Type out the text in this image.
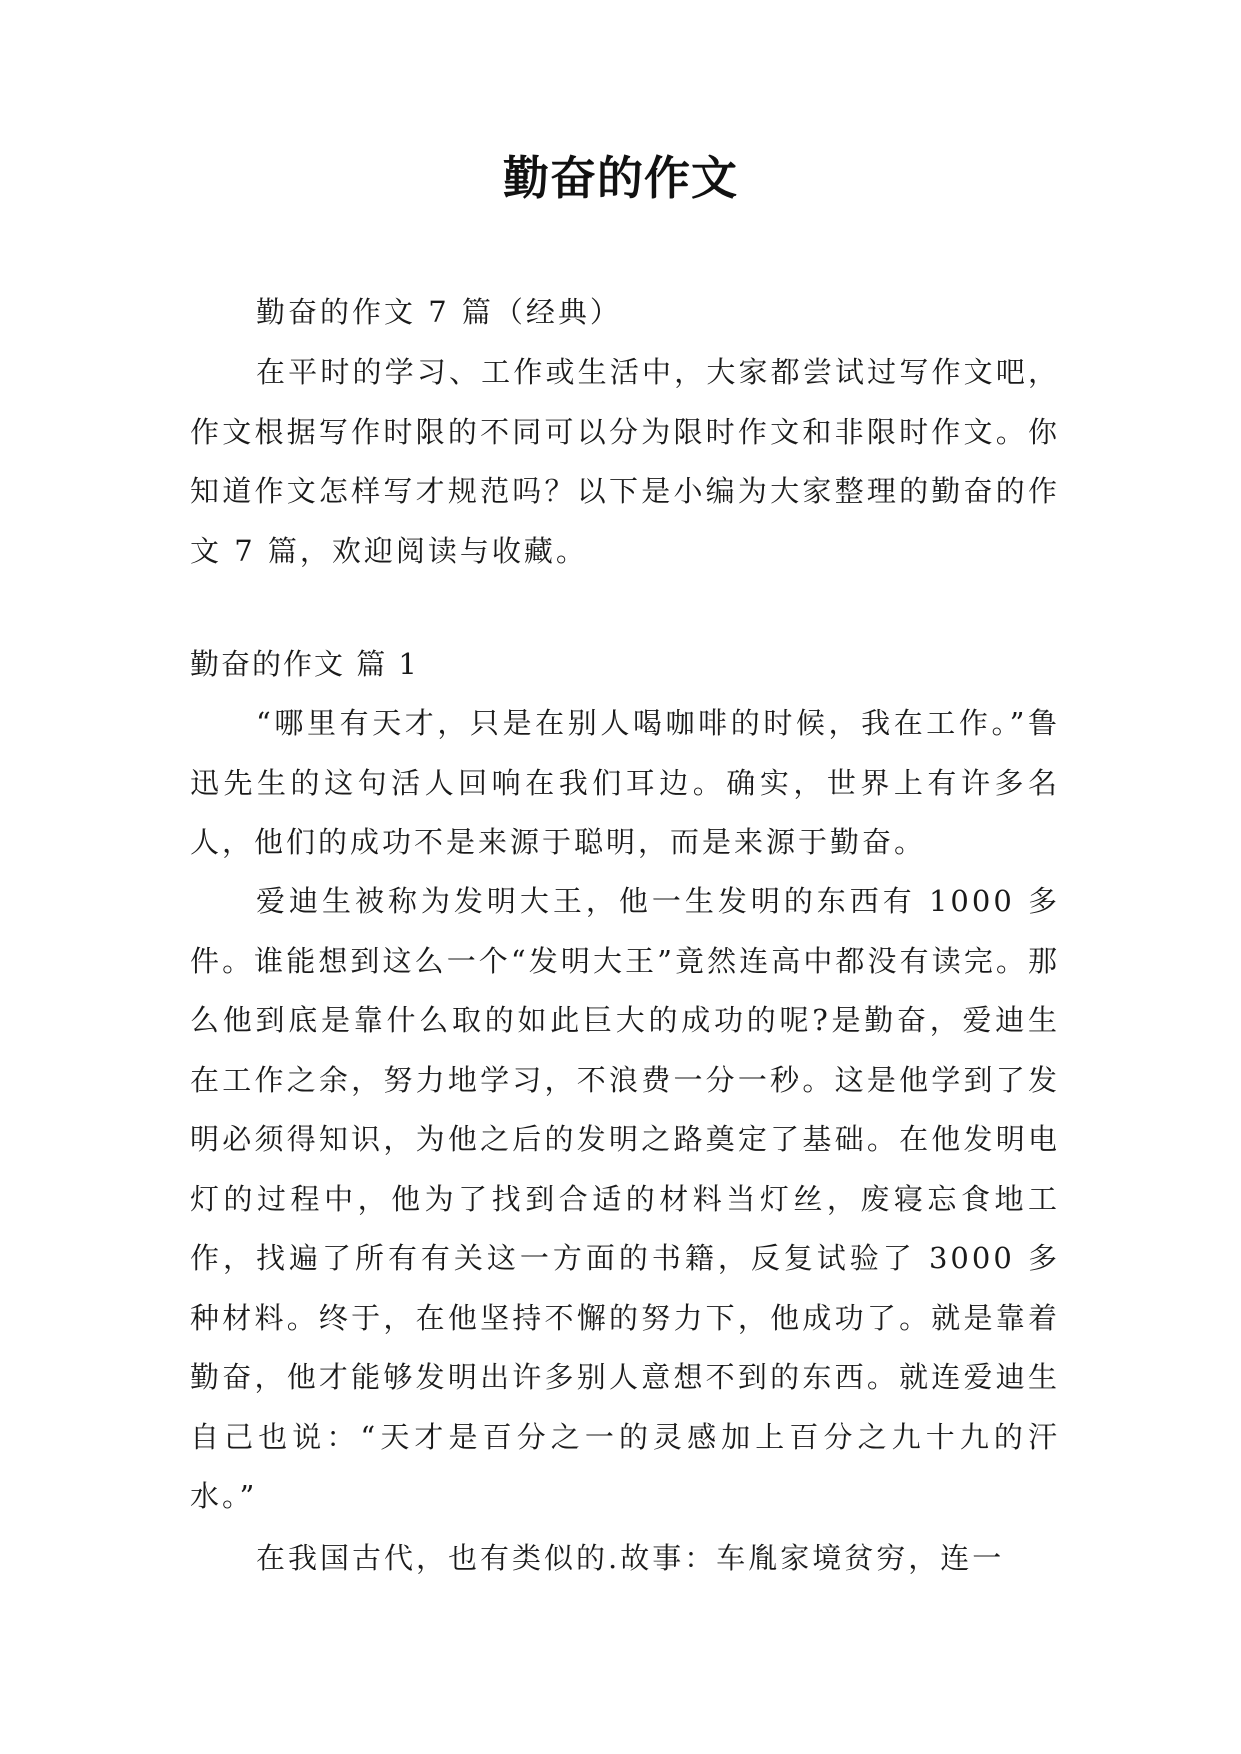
勤奋的作文

勤奋的作文 7 篇（经典）

在平时的学习、工作或生活中，大家都尝试过写作文吧，作文根据写作时限的不同可以分为限时作文和非限时作文。你知道作文怎样写才规范吗？以下是小编为大家整理的勤奋的作文 7 篇，欢迎阅读与收藏。

勤奋的作文 篇 1

“哪里有天才，只是在别人喝咖啡的时候，我在工作。”鲁迅先生的这句活人回响在我们耳边。确实，世界上有许多名人，他们的成功不是来源于聪明，而是来源于勤奋。

爱迪生被称为发明大王，他一生发明的东西有 1000 多件。谁能想到这么一个“发明大王”竟然连高中都没有读完。那么他到底是靠什么取的如此巨大的成功的呢?是勤奋，爱迪生在工作之余，努力地学习，不浪费一分一秒。这是他学到了发明必须得知识，为他之后的发明之路奠定了基础。在他发明电灯的过程中，他为了找到合适的材料当灯丝，废寝忘食地工作，找遍了所有有关这一方面的书籍，反复试验了 3000 多种材料。终于，在他坚持不懈的努力下，他成功了。就是靠着勤奋，他才能够发明出许多别人意想不到的东西。就连爱迪生自己也说：“天才是百分之一的灵感加上百分之九十九的汗水。”

在我国古代，也有类似的.故事：车胤家境贫穷，连一
